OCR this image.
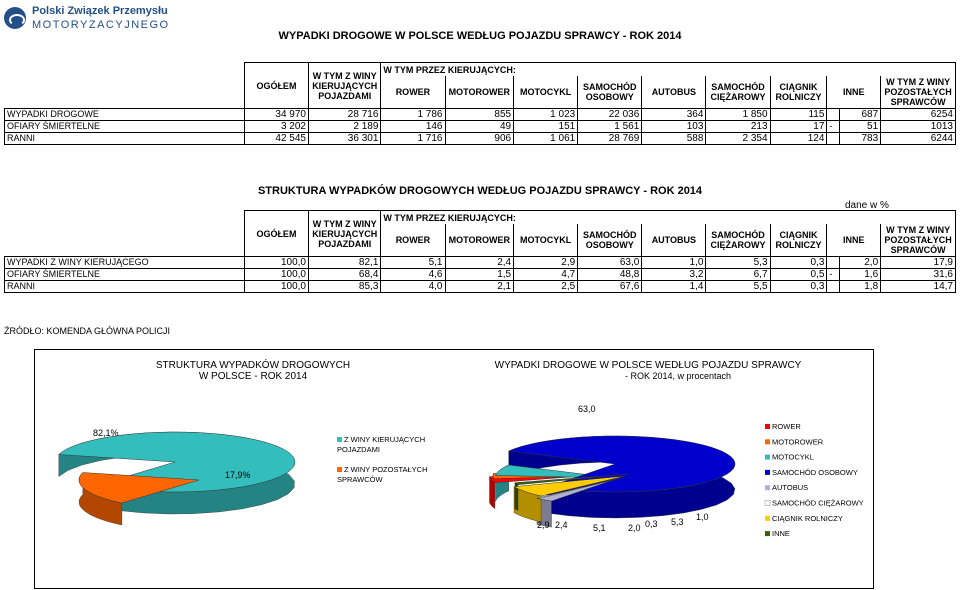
Polski Związek Przemysłu
MOTORYZACYJNEGO
WYPADKI DROGOWE W POLSCE WEDŁUG POJAZDU SPRAWCY - ROK 2014
	OGÓŁEM	W TYM Z WINY KIERUJĄCYCH POJAZDAMI	W TYM PRZEZ KIERUJĄCYCH:									
			ROWER	MOTOROWER	MOTOCYKL	SAMOCHÓD OSOBOWY	AUTOBUS	SAMOCHÓD CIĘŻAROWY	CIĄGNIK ROLNICZY	INNE		W TYM Z WINY POZOSTAŁYCH SPRAWCÓW
WYPADKI DROGOWE	34 970	28 716	1 786	855	1 023	22 036	364	1 850	115		687	6254
OFIARY ŚMIERTELNE	3 202	2 189	146	49	151	1 561	103	213	17	-	51	1013
RANNI	42 545	36 301	1 716	906	1 061	28 769	588	2 354	124		783	6244
STRUKTURA WYPADKÓW DROGOWYCH WEDŁUG POJAZDU SPRAWCY - ROK 2014
dane w %
	OGÓŁEM	W TYM Z WINY KIERUJĄCYCH POJAZDAMI	W TYM PRZEZ KIERUJĄCYCH:									
			ROWER	MOTOROWER	MOTOCYKL	SAMOCHÓD OSOBOWY	AUTOBUS	SAMOCHÓD CIĘŻAROWY	CIĄGNIK ROLNICZY	INNE		W TYM Z WINY POZOSTAŁYCH SPRAWCÓW
WYPADKI Z WINY KIERUJĄCEGO	100,0	82,1	5,1	2,4	2,9	63,0	1,0	5,3	0,3		2,0	17,9
OFIARY ŚMIERTELNE	100,0	68,4	4,6	1,5	4,7	48,8	3,2	6,7	0,5	-	1,6	31,6
RANNI	100,0	85,3	4,0	2,1	2,5	67,6	1,4	5,5	0,3		1,8	14,7
ŹRÓDŁO: KOMENDA GŁÓWNA POLICJI
STRUKTURA WYPADKÓW DROGOWYCH
W POLSCE - ROK 2014
82,1%
17,9%
Z WINY KIERUJĄCYCH
POJAZDAMI
Z WINY POZOSTAŁYCH
SPRAWCÓW
WYPADKI DROGOWE W POLSCE WEDŁUG POJAZDU SPRAWCY
- ROK 2014, w procentach
2,9 2,4	5,1
63,0
2,0 0,3 5,3 1,0
ROWER
MOTOROWER
MOTOCYKL
SAMOCHÓD OSOBOWY
AUTOBUS
SAMOCHÓD CIĘŻAROWY
CIĄGNIK ROLNICZY
INNE
